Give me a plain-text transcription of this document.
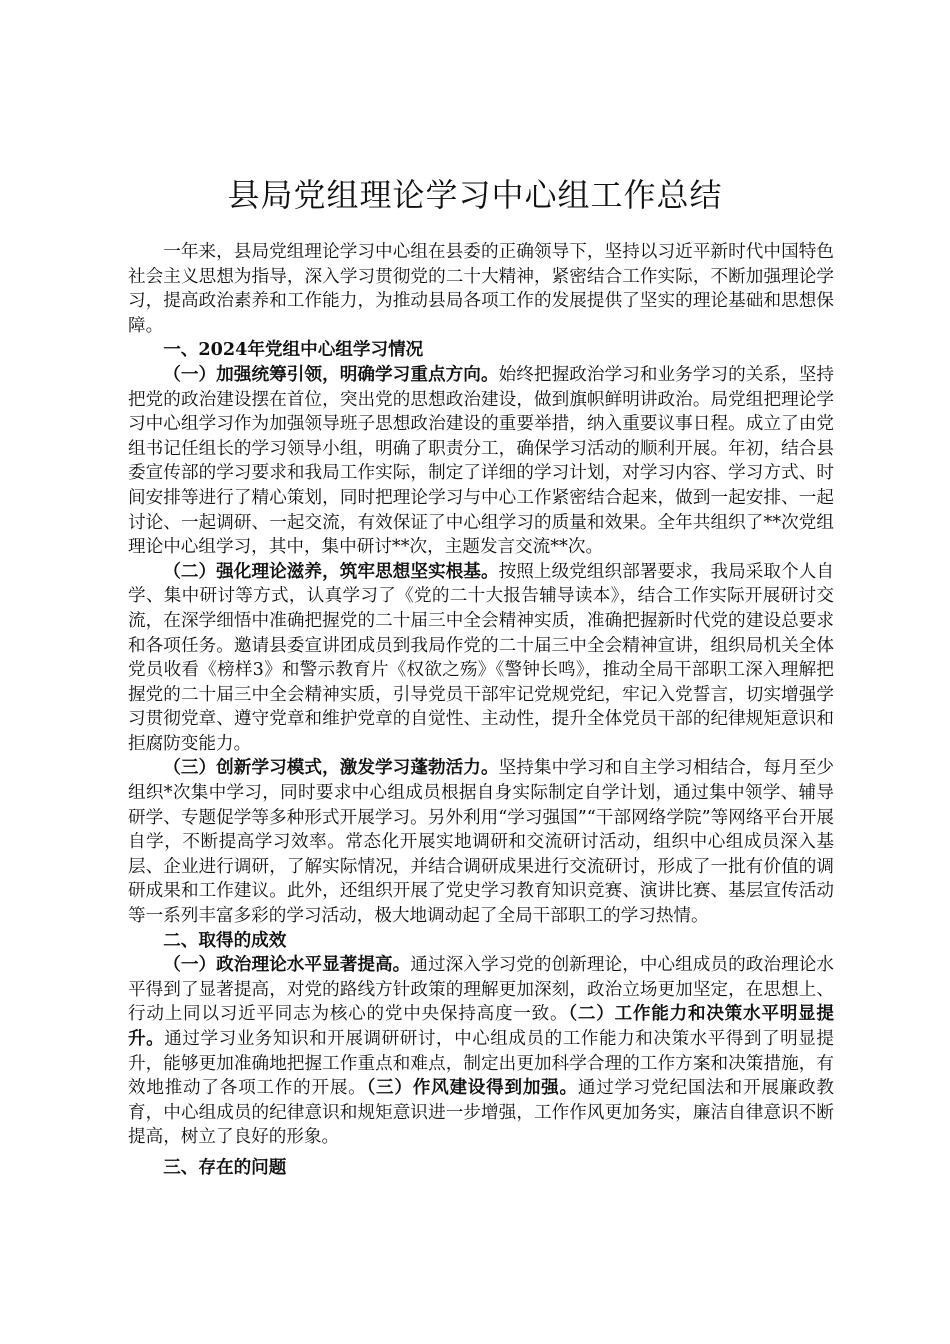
县局党组理论学习中心组工作总结

一年来，县局党组理论学习中心组在县委的正确领导下，坚持以习近平新时代中国特色社会主义思想为指导，深入学习贯彻党的二十大精神，紧密结合工作实际，不断加强理论学习，提高政治素养和工作能力，为推动县局各项工作的发展提供了坚实的理论基础和思想保障。

一、2024年党组中心组学习情况

（一）加强统筹引领，明确学习重点方向。始终把握政治学习和业务学习的关系，坚持把党的政治建设摆在首位，突出党的思想政治建设，做到旗帜鲜明讲政治。局党组把理论学习中心组学习作为加强领导班子思想政治建设的重要举措，纳入重要议事日程。成立了由党组书记任组长的学习领导小组，明确了职责分工，确保学习活动的顺利开展。年初，结合县委宣传部的学习要求和我局工作实际，制定了详细的学习计划，对学习内容、学习方式、时间安排等进行了精心策划，同时把理论学习与中心工作紧密结合起来，做到一起安排、一起讨论、一起调研、一起交流，有效保证了中心组学习的质量和效果。全年共组织了**次党组理论中心组学习，其中，集中研讨**次，主题发言交流**次。

（二）强化理论滋养，筑牢思想坚实根基。按照上级党组织部署要求，我局采取个人自学、集中研讨等方式，认真学习了《党的二十大报告辅导读本》，结合工作实际开展研讨交流，在深学细悟中准确把握党的二十届三中全会精神实质，准确把握新时代党的建设总要求和各项任务。邀请县委宣讲团成员到我局作党的二十届三中全会精神宣讲，组织局机关全体党员收看《榜样3》和警示教育片《权欲之殇》《警钟长鸣》，推动全局干部职工深入理解把握党的二十届三中全会精神实质，引导党员干部牢记党规党纪，牢记入党誓言，切实增强学习贯彻党章、遵守党章和维护党章的自觉性、主动性，提升全体党员干部的纪律规矩意识和拒腐防变能力。

（三）创新学习模式，激发学习蓬勃活力。坚持集中学习和自主学习相结合，每月至少组织*次集中学习，同时要求中心组成员根据自身实际制定自学计划，通过集中领学、辅导研学、专题促学等多种形式开展学习。另外利用“学习强国”“干部网络学院”等网络平台开展自学，不断提高学习效率。常态化开展实地调研和交流研讨活动，组织中心组成员深入基层、企业进行调研，了解实际情况，并结合调研成果进行交流研讨，形成了一批有价值的调研成果和工作建议。此外，还组织开展了党史学习教育知识竞赛、演讲比赛、基层宣传活动等一系列丰富多彩的学习活动，极大地调动起了全局干部职工的学习热情。

二、取得的成效

（一）政治理论水平显著提高。通过深入学习党的创新理论，中心组成员的政治理论水平得到了显著提高，对党的路线方针政策的理解更加深刻，政治立场更加坚定，在思想上、行动上同以习近平同志为核心的党中央保持高度一致。（二）工作能力和决策水平明显提升。通过学习业务知识和开展调研研讨，中心组成员的工作能力和决策水平得到了明显提升，能够更加准确地把握工作重点和难点，制定出更加科学合理的工作方案和决策措施，有效地推动了各项工作的开展。（三）作风建设得到加强。通过学习党纪国法和开展廉政教育，中心组成员的纪律意识和规矩意识进一步增强，工作作风更加务实，廉洁自律意识不断提高，树立了良好的形象。

三、存在的问题
